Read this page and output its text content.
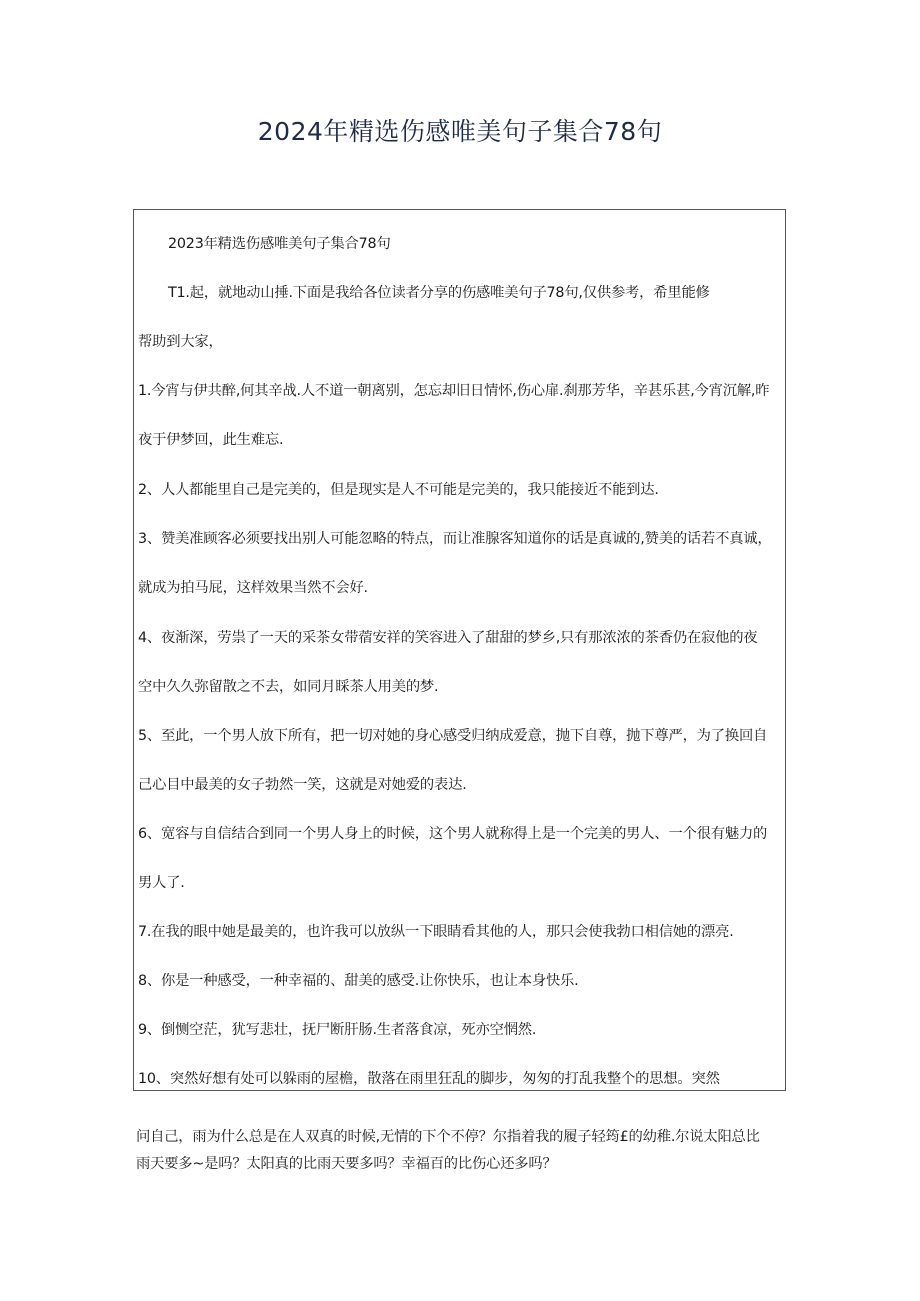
2024年精选伤感唯美句子集合78句
2023年精选伤感唯美句子集合78句
T1.起，就地动山捶.下面是我给各位读者分享的伤感唯美句子78句,仅供参考，希里能修
帮助到大家，
1.今宵与伊共醉,何其辛战.人不道一朝离别，怎忘却旧日情怀,伤心扉.刹那芳华，辛甚乐甚,今宵沉解,昨
夜于伊梦回，此生难忘.
2、人人都能里自己是完美的，但是现实是人不可能是完美的，我只能接近不能到达.
3、赞美准顾客必须要找出别人可能忽略的特点，而让准腺客知道你的话是真诚的,赞美的话若不真诚，
就成为拍马屁，这样效果当然不会好.
4、夜渐深，劳祟了一天的采茶女带蓿安祥的笑容进入了甜甜的梦乡,只有那浓浓的茶香仍在寂他的夜
空中久久弥留散之不去，如同月睬茶人用美的梦.
5、至此，一个男人放下所有，把一切对她的身心感受归纳成爱意，抛下自尊，抛下尊严，为了换回自
己心目中最美的女子勃然一笑，这就是对她爱的表达.
6、宽容与自信结合到同一个男人身上的时候，这个男人就称得上是一个完美的男人、一个很有魅力的
男人了.
7.在我的眼中她是最美的，也许我可以放纵一下眼睛看其他的人，那只会使我勃口相信她的漂亮.
8、你是一种感受，一种幸福的、甜美的感受.让你快乐，也让本身快乐.
9、倒恻空茫，犹写悲壮，抚尸断肝肠.生者落食凉，死亦空惘然.
10、突然好想有处可以躲雨的屋檐，散落在雨里狂乱的脚步，匆匆的打乱我整个的思想。突然
问自己，雨为什么总是在人双真的时候,无情的下个不停？尔指着我的履子轻筠£的幼稚.尔说太阳总比
雨天要多~是吗？太阳真的比雨天要多吗？幸福百的比伤心还多吗？
